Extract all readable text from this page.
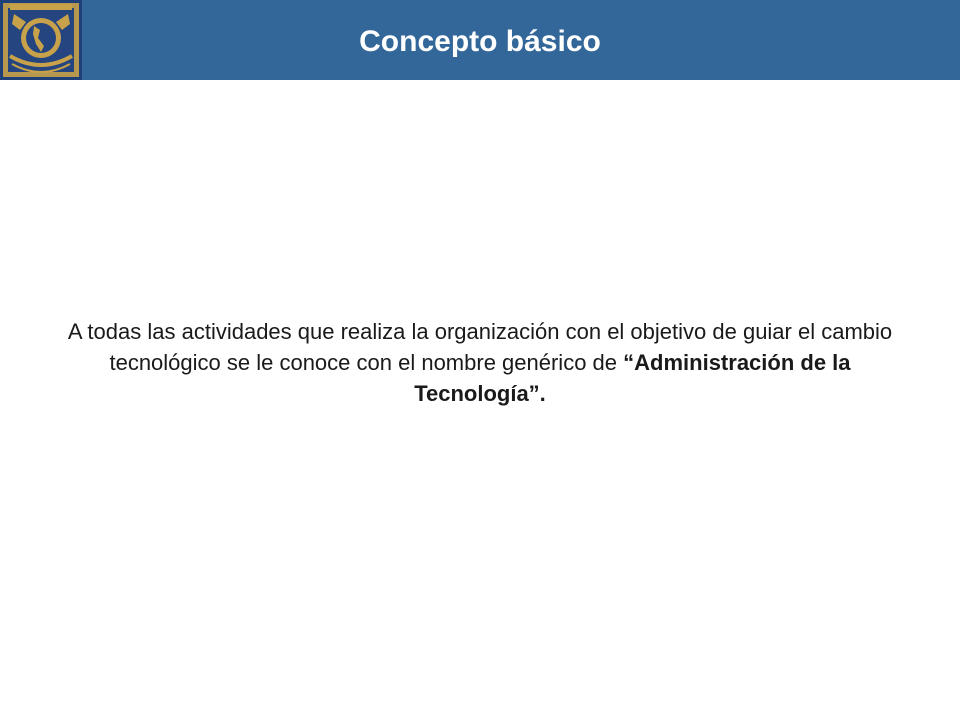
Concepto básico
A todas las actividades que realiza la organización con el objetivo de guiar el cambio tecnológico se le conoce con el nombre genérico de “Administración de la Tecnología”.
